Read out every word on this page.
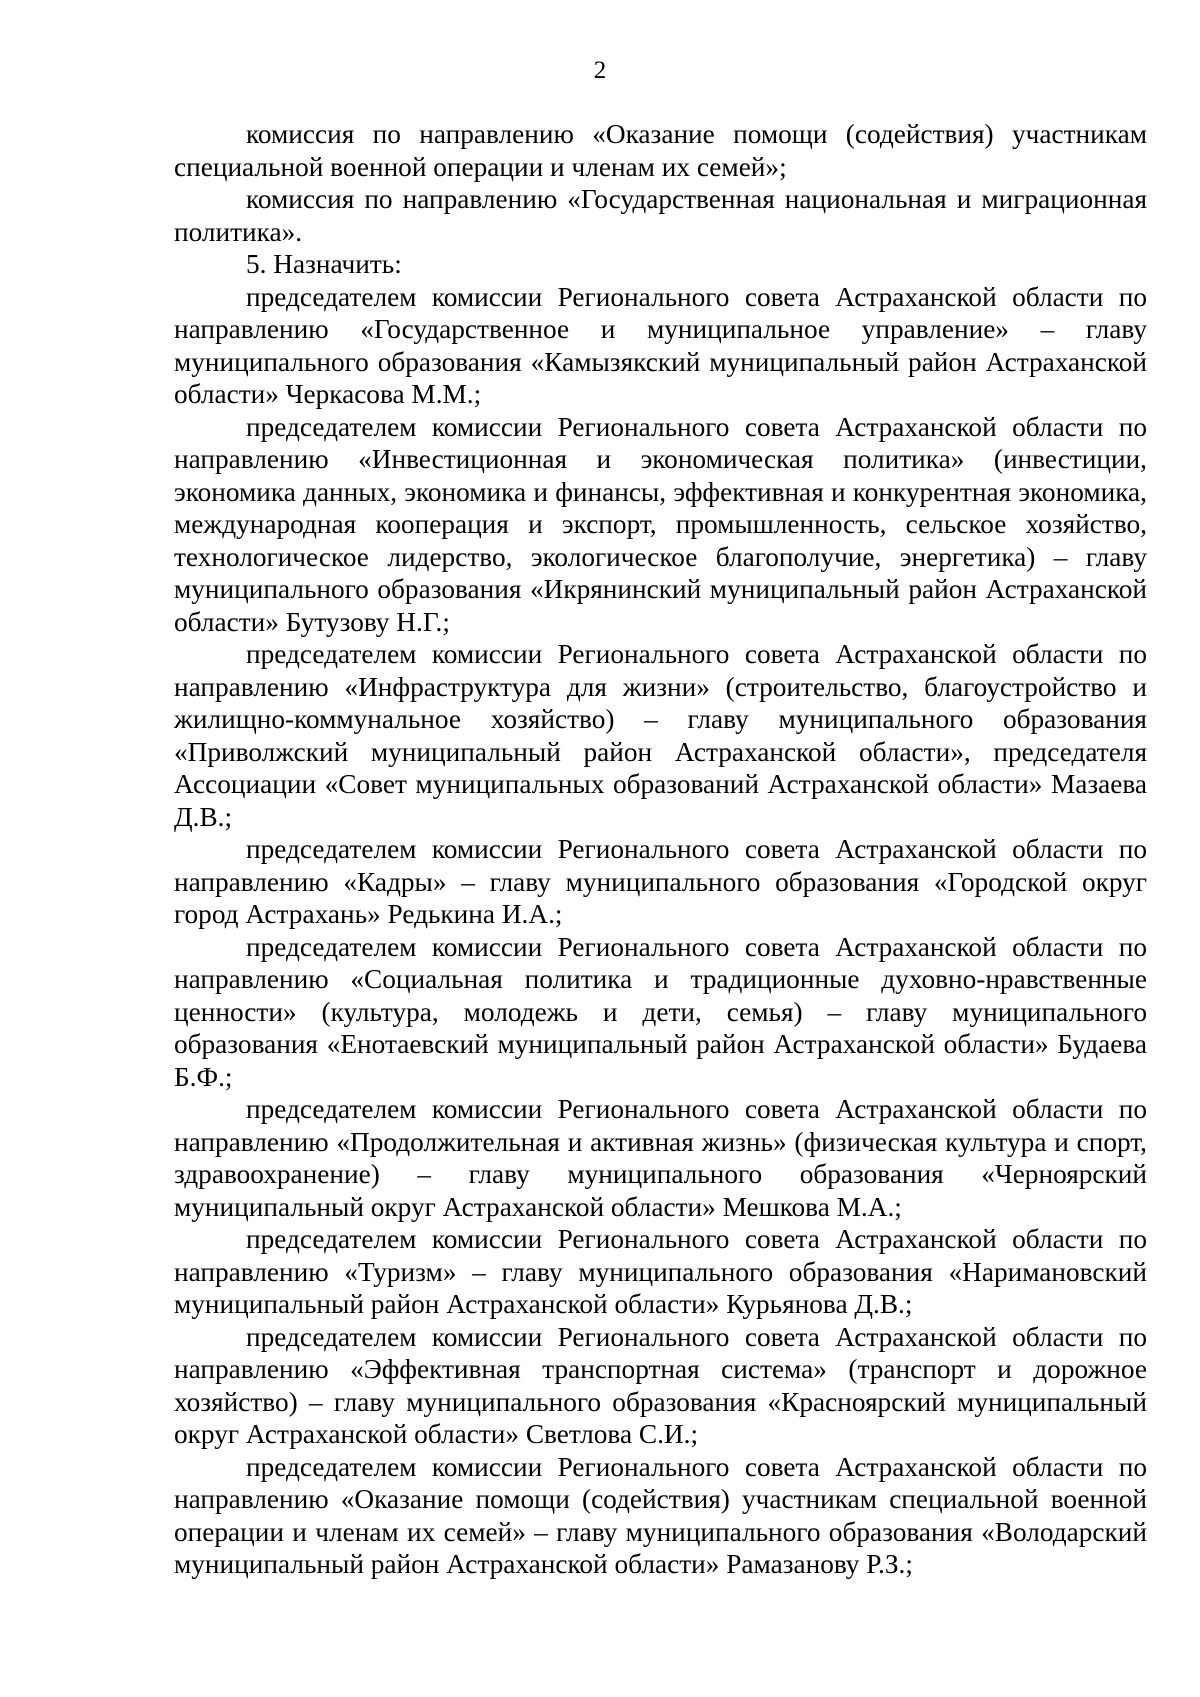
2

комиссия по направлению «Оказание помощи (содействия) участникам специальной военной операции и членам их семей»;

комиссия по направлению «Государственная национальная и миграционная политика».

5. Назначить:

председателем комиссии Регионального совета Астраханской области по направлению «Государственное и муниципальное управление» – главу муниципального образования «Камызякский муниципальный район Астраханской области» Черкасова М.М.;

председателем комиссии Регионального совета Астраханской области по направлению «Инвестиционная и экономическая политика» (инвестиции, экономика данных, экономика и финансы, эффективная и конкурентная экономика, международная кооперация и экспорт, промышленность, сельское хозяйство, технологическое лидерство, экологическое благополучие, энергетика) – главу муниципального образования «Икрянинский муниципальный район Астраханской области» Бутузову Н.Г.;

председателем комиссии Регионального совета Астраханской области по направлению «Инфраструктура для жизни» (строительство, благоустройство и жилищно-коммунальное хозяйство) – главу муниципального образования «Приволжский муниципальный район Астраханской области», председателя Ассоциации «Совет муниципальных образований Астраханской области» Мазаева Д.В.;

председателем комиссии Регионального совета Астраханской области по направлению «Кадры» – главу муниципального образования «Городской округ город Астрахань» Редькина И.А.;

председателем комиссии Регионального совета Астраханской области по направлению «Социальная политика и традиционные духовно-нравственные ценности» (культура, молодежь и дети, семья) – главу муниципального образования «Енотаевский муниципальный район Астраханской области» Будаева Б.Ф.;

председателем комиссии Регионального совета Астраханской области по направлению «Продолжительная и активная жизнь» (физическая культура и спорт, здравоохранение) – главу муниципального образования «Черноярский муниципальный округ Астраханской области» Мешкова М.А.;

председателем комиссии Регионального совета Астраханской области по направлению «Туризм» – главу муниципального образования «Наримановский муниципальный район Астраханской области» Курьянова Д.В.;

председателем комиссии Регионального совета Астраханской области по направлению «Эффективная транспортная система» (транспорт и дорожное хозяйство) – главу муниципального образования «Красноярский муниципальный округ Астраханской области» Светлова С.И.;

председателем комиссии Регионального совета Астраханской области по направлению «Оказание помощи (содействия) участникам специальной военной операции и членам их семей» – главу муниципального образования «Володарский муниципальный район Астраханской области» Рамазанову Р.З.;
